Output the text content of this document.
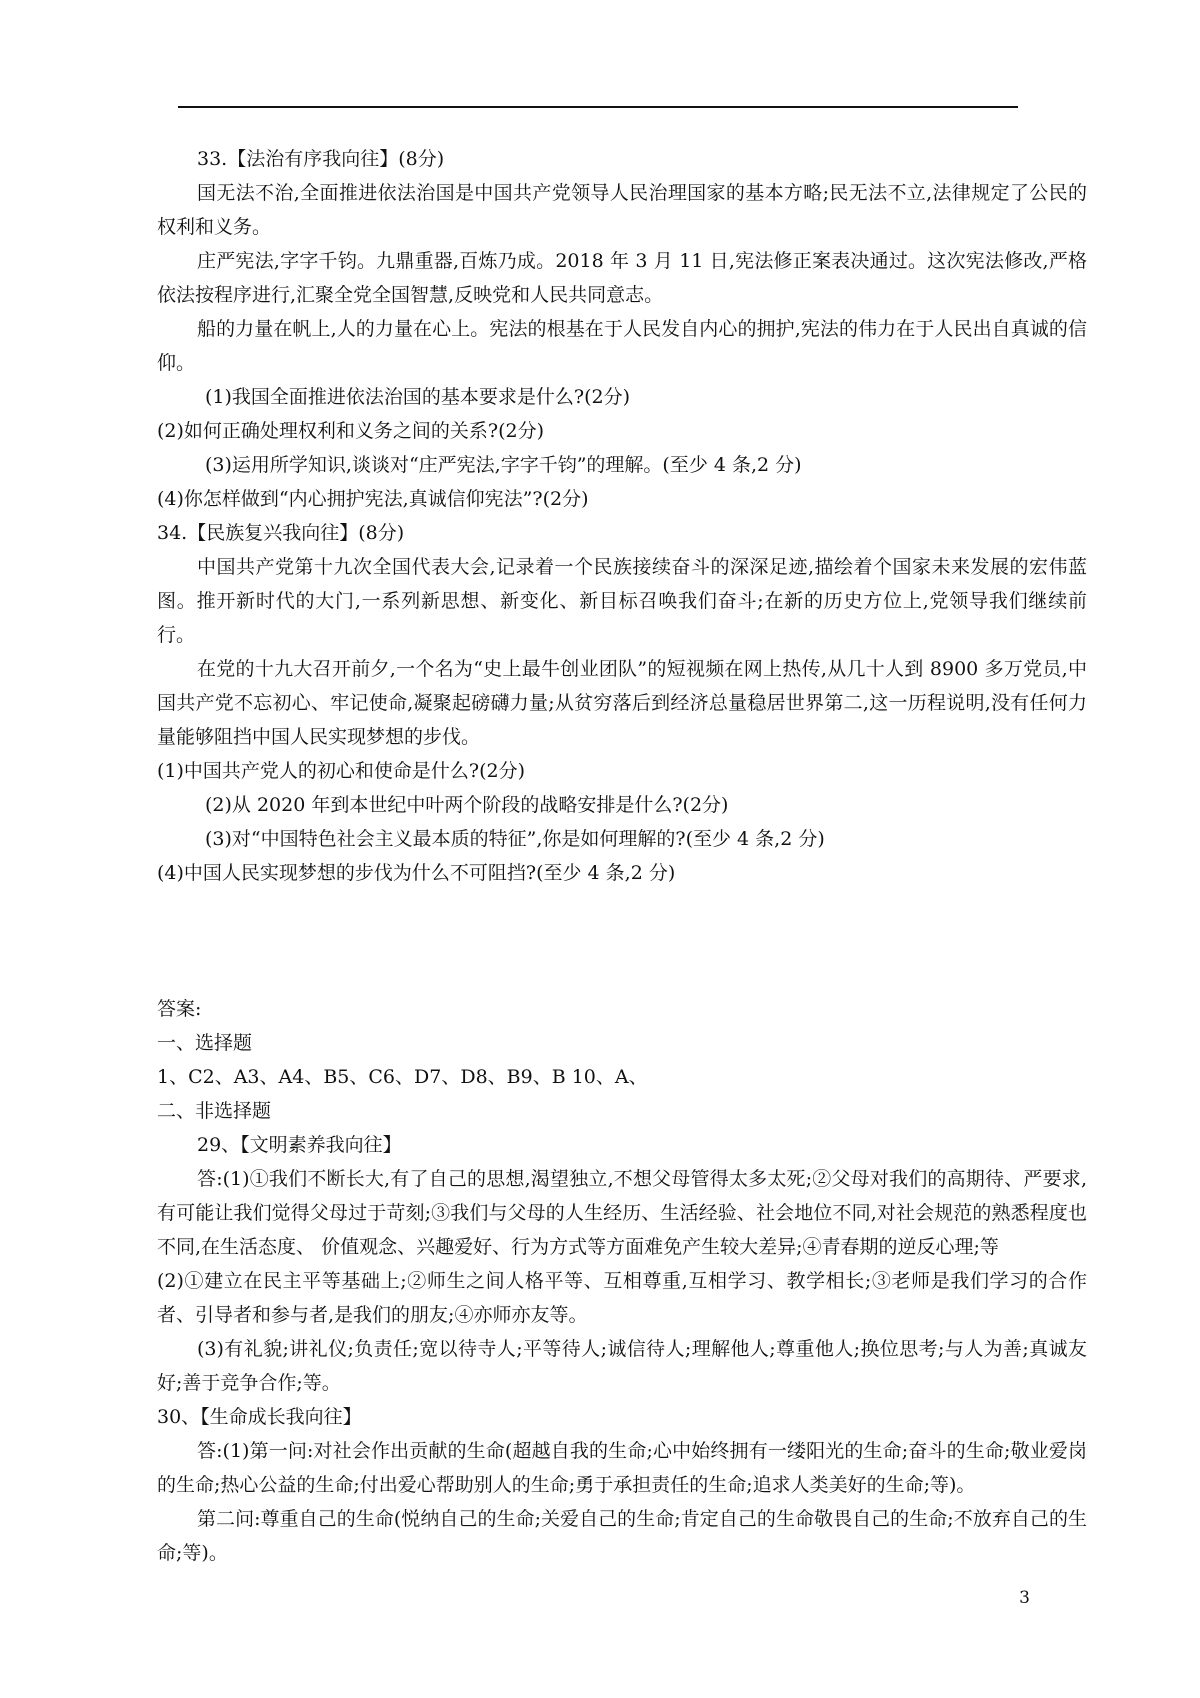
33.【法治有序我向往】(8分)
国无法不治,全面推进依法治国是中国共产党领导人民治理国家的基本方略;民无法不立,法律规定了公民的权利和义务。
庄严宪法,字字千钧。九鼎重器,百炼乃成。2018 年 3 月 11 日,宪法修正案表决通过。这次宪法修改,严格依法按程序进行,汇聚全党全国智慧,反映党和人民共同意志。
船的力量在帆上,人的力量在心上。宪法的根基在于人民发自内心的拥护,宪法的伟力在于人民出自真诚的信仰。
(1)我国全面推进依法治国的基本要求是什么?(2分)
(2)如何正确处理权利和义务之间的关系?(2分)
(3)运用所学知识,谈谈对“庄严宪法,字字千钧”的理解。(至少 4 条,2 分)
(4)你怎样做到“内心拥护宪法,真诚信仰宪法”?(2分)
34.【民族复兴我向往】(8分)
中国共产党第十九次全国代表大会,记录着一个民族接续奋斗的深深足迹,描绘着个国家未来发展的宏伟蓝图。推开新时代的大门,一系列新思想、新变化、新目标召唤我们奋斗;在新的历史方位上,党领导我们继续前行。
在党的十九大召开前夕,一个名为“史上最牛创业团队”的短视频在网上热传,从几十人到 8900 多万党员,中国共产党不忘初心、牢记使命,凝聚起磅礴力量;从贫穷落后到经济总量稳居世界第二,这一历程说明,没有任何力量能够阻挡中国人民实现梦想的步伐。
(1)中国共产党人的初心和使命是什么?(2分)
(2)从 2020 年到本世纪中叶两个阶段的战略安排是什么?(2分)
(3)对“中国特色社会主义最本质的特征”,你是如何理解的?(至少 4 条,2 分)
(4)中国人民实现梦想的步伐为什么不可阻挡?(至少 4 条,2 分)
答案:
一、选择题
1、C2、A3、A4、B5、C6、D7、D8、B9、B 10、A、
二、非选择题
29、【文明素养我向往】
答:(1)①我们不断长大,有了自己的思想,渴望独立,不想父母管得太多太死;②父母对我们的高期待、严要求,有可能让我们觉得父母过于苛刻;③我们与父母的人生经历、生活经验、社会地位不同,对社会规范的熟悉程度也不同,在生活态度、 价值观念、兴趣爱好、行为方式等方面难免产生较大差异;④青春期的逆反心理;等
(2)①建立在民主平等基础上;②师生之间人格平等、互相尊重,互相学习、教学相长;③老师是我们学习的合作者、引导者和参与者,是我们的朋友;④亦师亦友等。
(3)有礼貌;讲礼仪;负责任;宽以待寺人;平等待人;诚信待人;理解他人;尊重他人;换位思考;与人为善;真诚友好;善于竞争合作;等。
30、【生命成长我向往】
答:(1)第一问:对社会作出贡献的生命(超越自我的生命;心中始终拥有一缕阳光的生命;奋斗的生命;敬业爱岗的生命;热心公益的生命;付出爱心帮助别人的生命;勇于承担责任的生命;追求人类美好的生命;等)。
第二问:尊重自己的生命(悦纳自己的生命;关爱自己的生命;肯定自己的生命敬畏自己的生命;不放弃自己的生命;等)。
3
